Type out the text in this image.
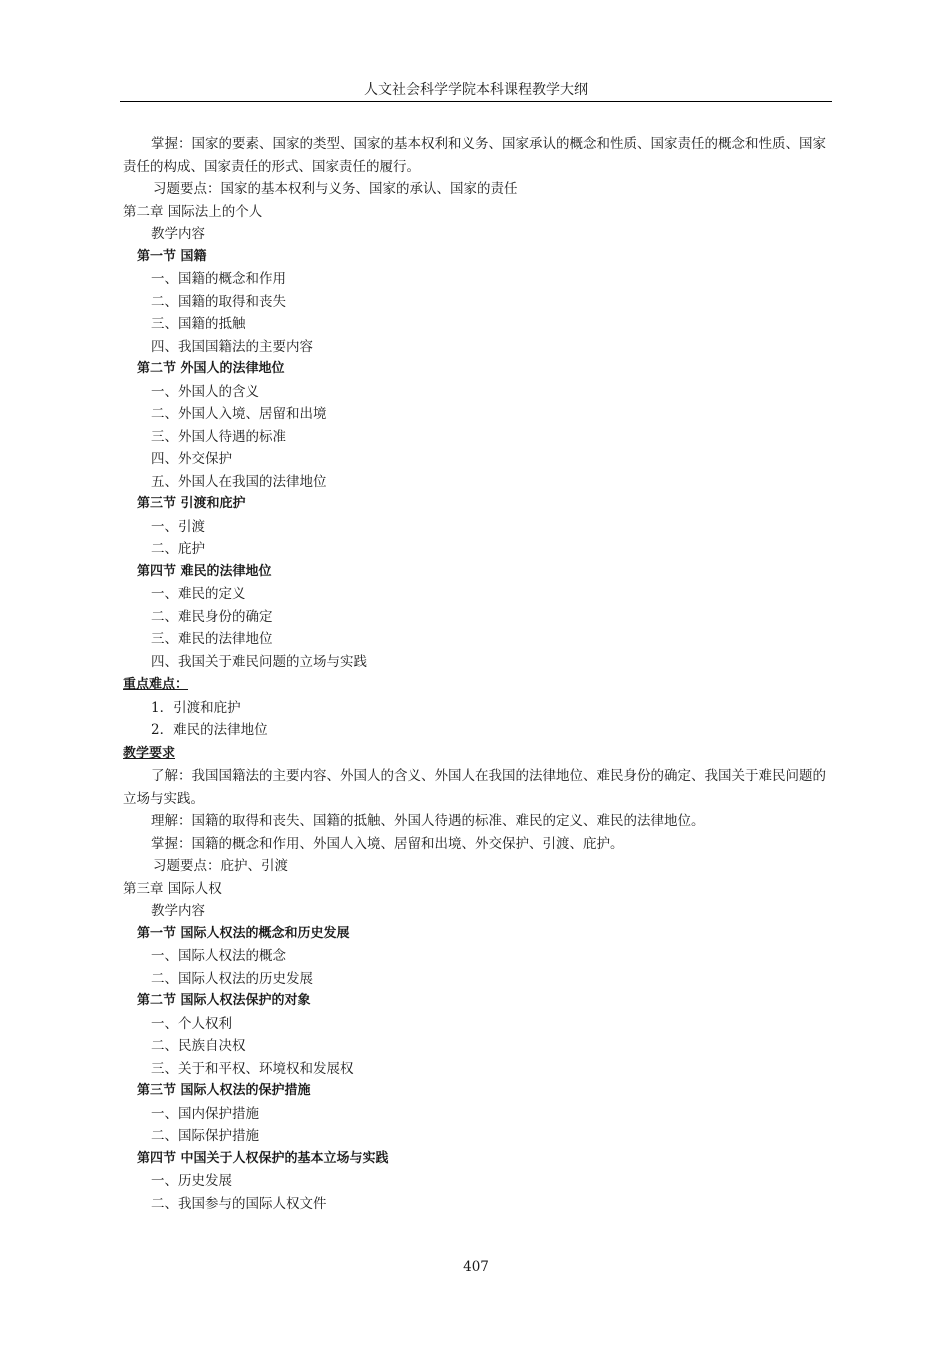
人文社会科学学院本科课程教学大纲
掌握：国家的要素、国家的类型、国家的基本权利和义务、国家承认的概念和性质、国家责任的概念和性质、国家责任的构成、国家责任的形式、国家责任的履行。
习题要点：国家的基本权利与义务、国家的承认、国家的责任
第二章 国际法上的个人
教学内容
第一节 国籍
一、国籍的概念和作用
二、国籍的取得和丧失
三、国籍的抵触
四、我国国籍法的主要内容
第二节 外国人的法律地位
一、外国人的含义
二、外国人入境、居留和出境
三、外国人待遇的标准
四、外交保护
五、外国人在我国的法律地位
第三节 引渡和庇护
一、引渡
二、庇护
第四节 难民的法律地位
一、难民的定义
二、难民身份的确定
三、难民的法律地位
四、我国关于难民问题的立场与实践
重点难点：
1．引渡和庇护
2．难民的法律地位
教学要求
了解：我国国籍法的主要内容、外国人的含义、外国人在我国的法律地位、难民身份的确定、我国关于难民问题的立场与实践。
理解：国籍的取得和丧失、国籍的抵触、外国人待遇的标准、难民的定义、难民的法律地位。
掌握：国籍的概念和作用、外国人入境、居留和出境、外交保护、引渡、庇护。
习题要点：庇护、引渡
第三章 国际人权
教学内容
第一节 国际人权法的概念和历史发展
一、国际人权法的概念
二、国际人权法的历史发展
第二节 国际人权法保护的对象
一、个人权利
二、民族自决权
三、关于和平权、环境权和发展权
第三节 国际人权法的保护措施
一、国内保护措施
二、国际保护措施
第四节 中国关于人权保护的基本立场与实践
一、历史发展
二、我国参与的国际人权文件
407
